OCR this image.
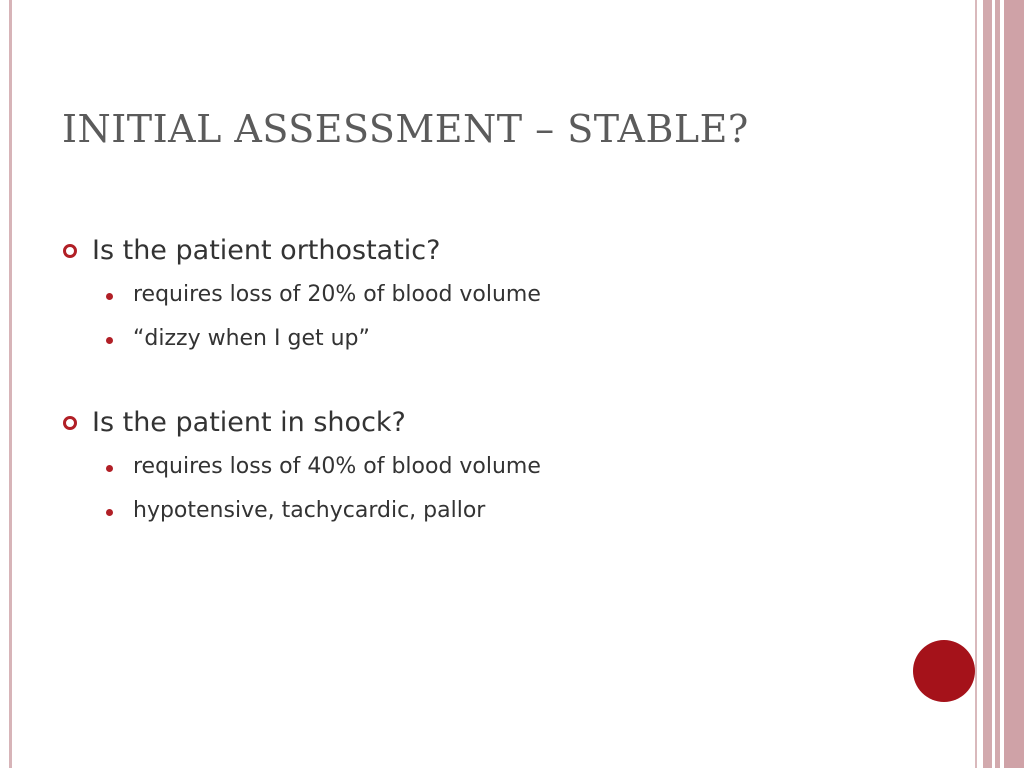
INITIAL ASSESSMENT – STABLE?
Is the patient orthostatic?
requires loss of 20% of blood volume
“dizzy when I get up”
Is the patient in shock?
requires loss of 40% of blood volume
hypotensive, tachycardic, pallor
